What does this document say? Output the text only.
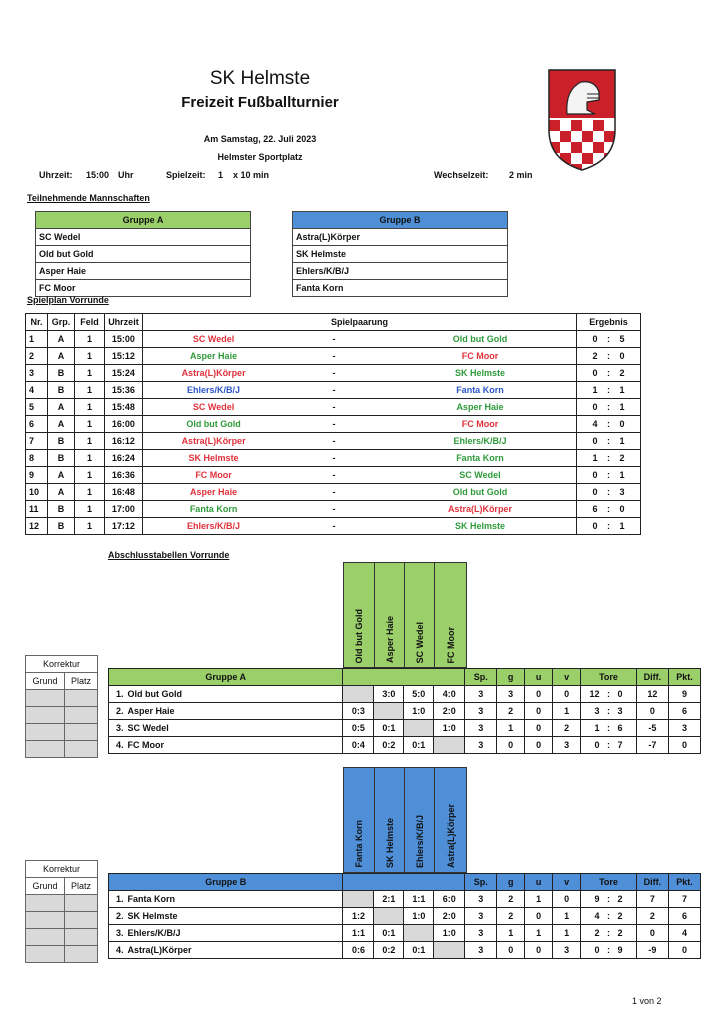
SK Helmste
Freizeit Fußballturnier
Am Samstag, 22. Juli 2023
Helmster Sportplatz
Uhrzeit: 15:00 Uhr	Spielzeit: 1 x 10 min	Wechselzeit: 2 min
Teilnehmende Mannschaften
Gruppe A
SC Wedel
Old but Gold
Asper Haie
FC Moor
Gruppe B
Astra(L)Körper
SK Helmste
Ehlers/K/B/J
Fanta Korn
Spielplan Vorrunde
Nr.	Grp.	Feld	Uhrzeit	Spielpaarung			Ergebnis		
1	A	1	15:00	SC Wedel	-	Old but Gold	0	:	5
2	A	1	15:12	Asper Haie	-	FC Moor	2	:	0
3	B	1	15:24	Astra(L)Körper	-	SK Helmste	0	:	2
4	B	1	15:36	Ehlers/K/B/J	-	Fanta Korn	1	:	1
5	A	1	15:48	SC Wedel	-	Asper Haie	0	:	1
6	A	1	16:00	Old but Gold	-	FC Moor	4	:	0
7	B	1	16:12	Astra(L)Körper	-	Ehlers/K/B/J	0	:	1
8	B	1	16:24	SK Helmste	-	Fanta Korn	1	:	2
9	A	1	16:36	FC Moor	-	SC Wedel	0	:	1
10	A	1	16:48	Asper Haie	-	Old but Gold	0	:	3
11	B	1	17:00	Fanta Korn	-	Astra(L)Körper	6	:	0
12	B	1	17:12	Ehlers/K/B/J	-	SK Helmste	0	:	1
Abschlusstabellen Vorrunde
Old but Gold Asper Haie SC Wedel FC Moor
Korrektur	
Grund	Platz

		Gruppe A						Sp.	g	u	v	Tore			Diff.	Pkt.
1.	Old but Gold		3:0	5:0	4:0	3	3	0	0	12	:	0	12	9
2.	Asper Haie	0:3		1:0	2:0	3	2	0	1	3	:	3	0	6
3.	SC Wedel	0:5	0:1		1:0	3	1	0	2	1	:	6	-5	3
4.	FC Moor	0:4	0:2	0:1		3	0	0	3	0	:	7	-7	0
Fanta Korn SK Helmste Ehlers/K/B/J Astra(L)Körper
Korrektur	
Grund	Platz

		Gruppe B						Sp.	g	u	v	Tore			Diff.	Pkt.
1.	Fanta Korn		2:1	1:1	6:0	3	2	1	0	9	:	2	7	7
2.	SK Helmste	1:2		1:0	2:0	3	2	0	1	4	:	2	2	6
3.	Ehlers/K/B/J	1:1	0:1		1:0	3	1	1	1	2	:	2	0	4
4.	Astra(L)Körper	0:6	0:2	0:1		3	0	0	3	0	:	9	-9	0
1 von 2
